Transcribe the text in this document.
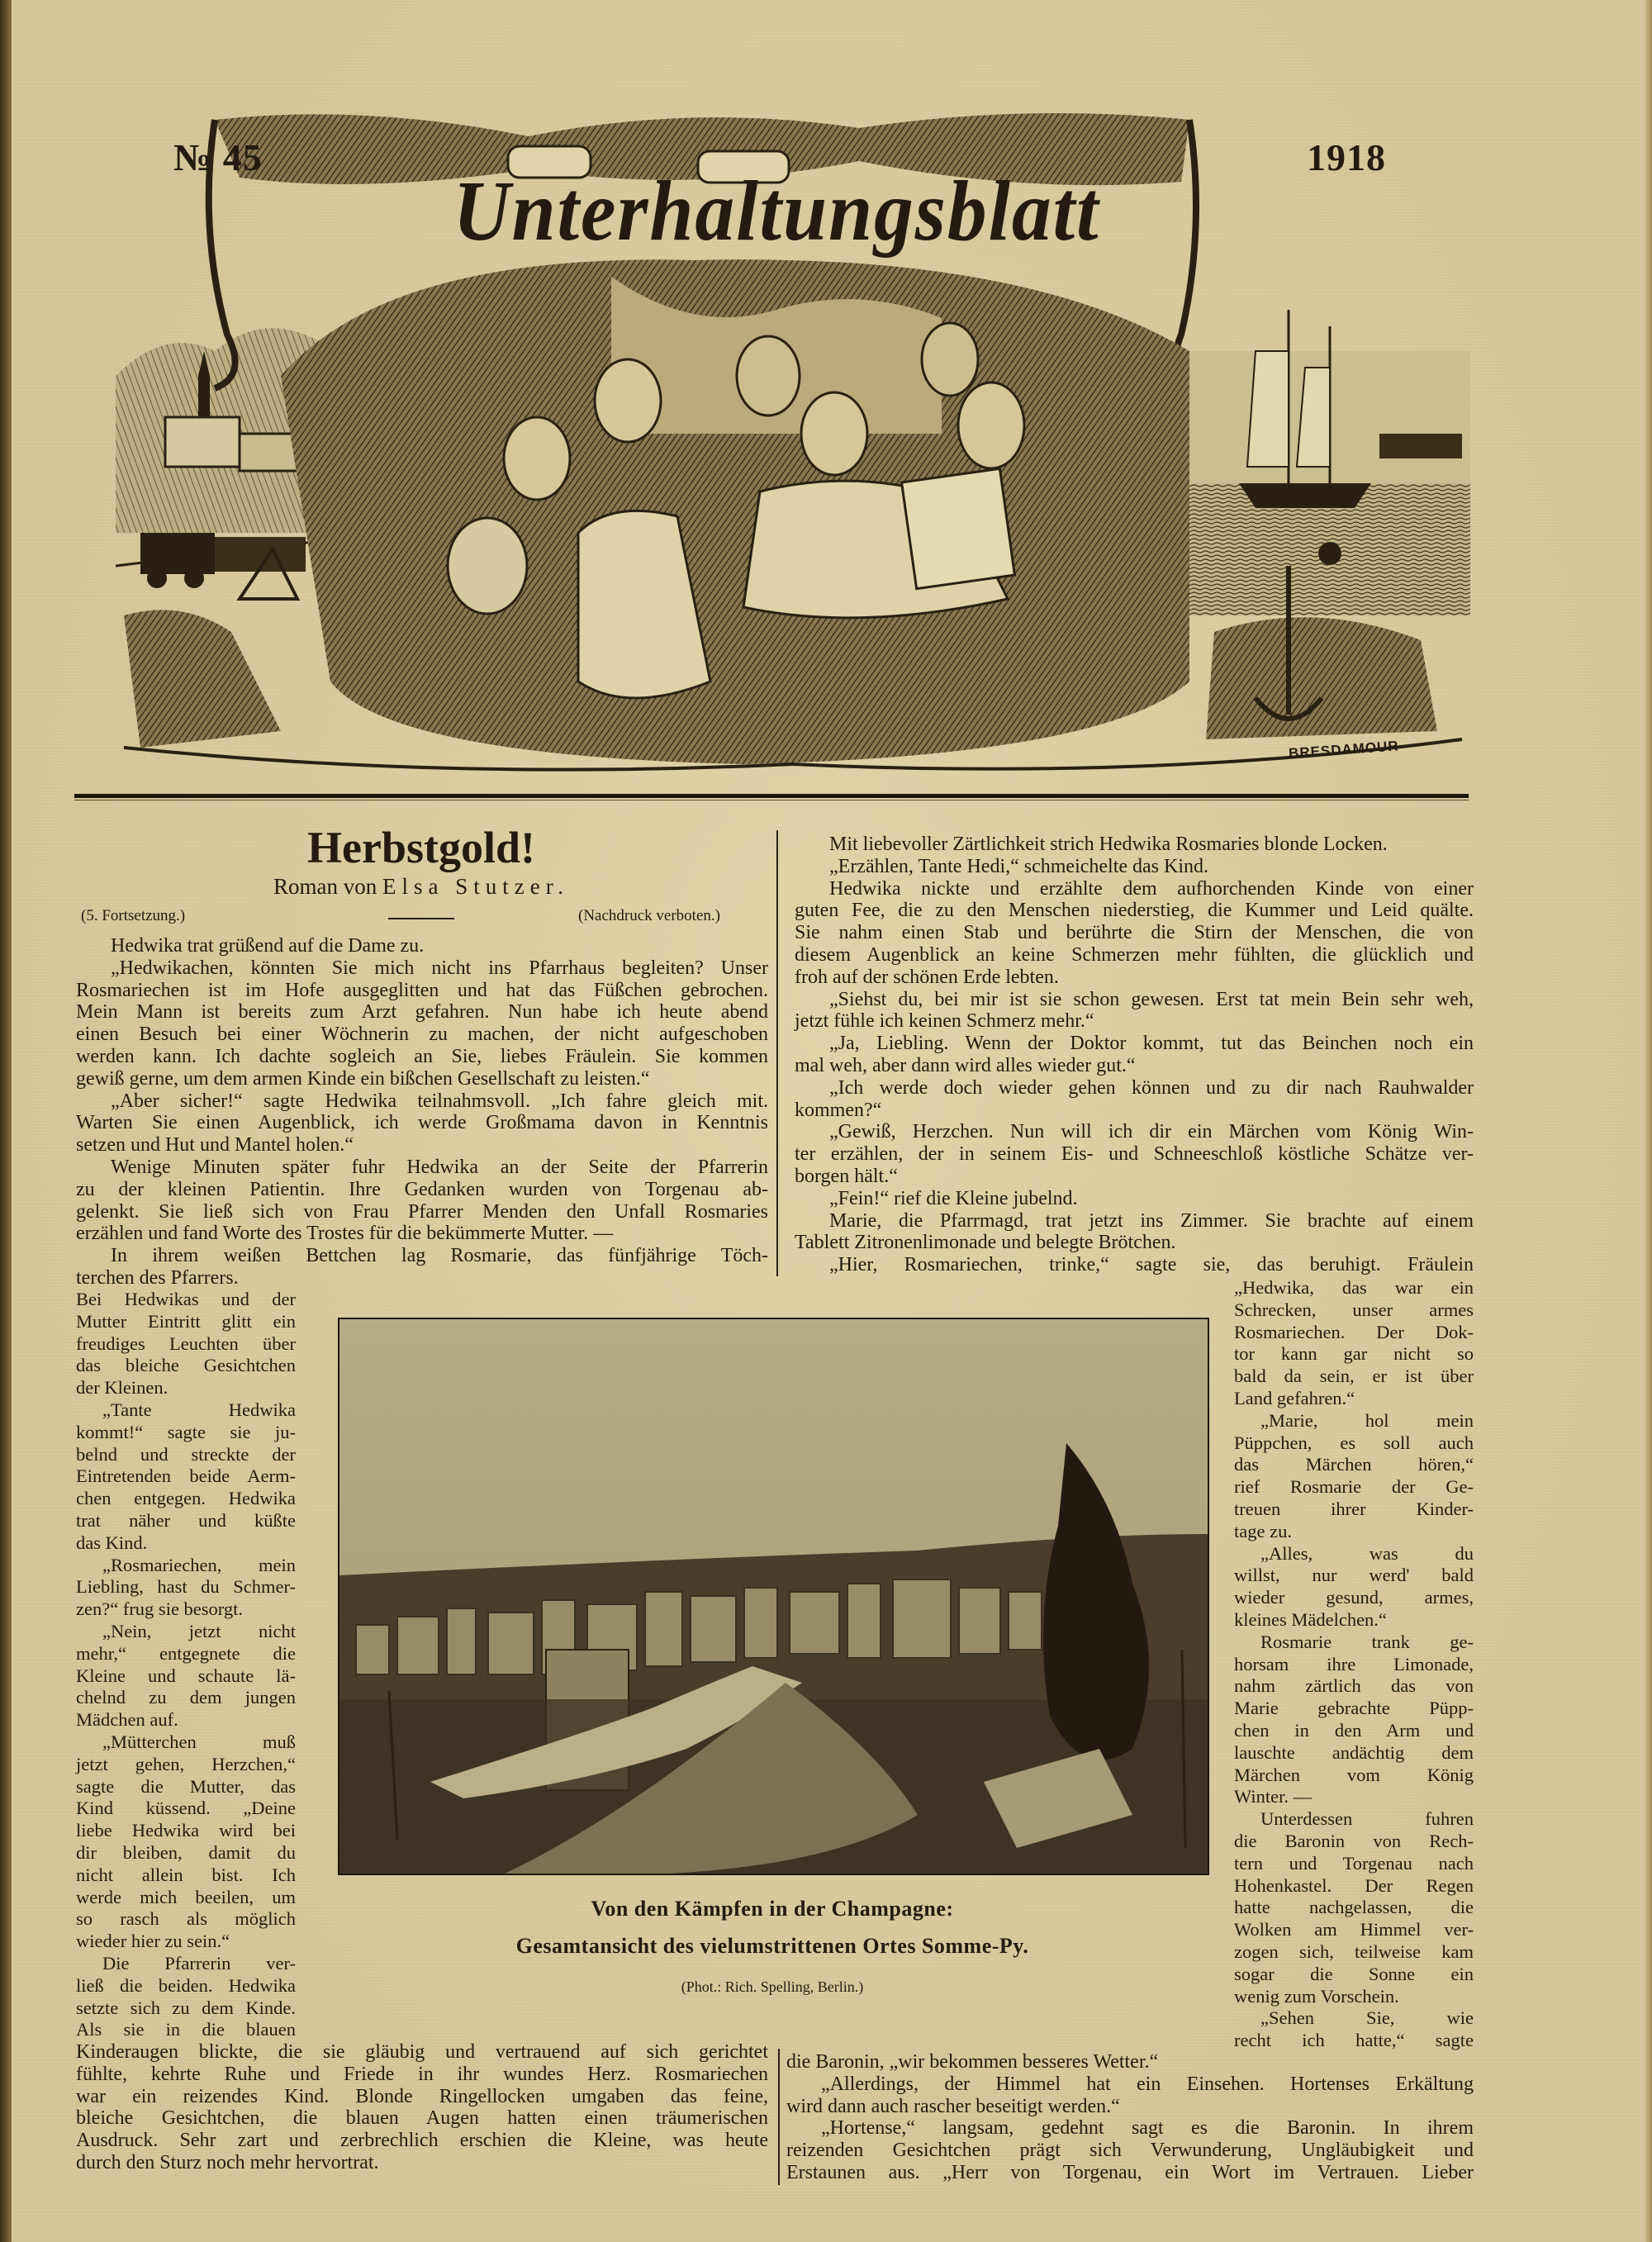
№ 45	1918
Unterhaltungsblatt
BRESDAMOUR
Herbstgold!
Roman von Elsa Stutzer.
(5. Fortsetzung.)	(Nachdruck verboten.)
Hedwika trat grüßend auf die Dame zu.
„Hedwikachen, könnten Sie mich nicht ins Pfarrhaus begleiten? Unser
Rosmariechen ist im Hofe ausgeglitten und hat das Füßchen gebrochen.
Mein Mann ist bereits zum Arzt gefahren. Nun habe ich heute abend
einen Besuch bei einer Wöchnerin zu machen, der nicht aufgeschoben
werden kann. Ich dachte sogleich an Sie, liebes Fräulein. Sie kommen
gewiß gerne, um dem armen Kinde ein bißchen Gesellschaft zu leisten.“
„Aber sicher!“ sagte Hedwika teilnahmsvoll. „Ich fahre gleich mit.
Warten Sie einen Augenblick, ich werde Großmama davon in Kenntnis
setzen und Hut und Mantel holen.“
Wenige Minuten später fuhr Hedwika an der Seite der Pfarrerin
zu der kleinen Patientin. Ihre Gedanken wurden von Torgenau ab-
gelenkt. Sie ließ sich von Frau Pfarrer Menden den Unfall Rosmaries
erzählen und fand Worte des Trostes für die bekümmerte Mutter. —
In ihrem weißen Bettchen lag Rosmarie, das fünfjährige Töch-
terchen des Pfarrers.
Bei Hedwikas und der
Mutter Eintritt glitt ein
freudiges Leuchten über
das bleiche Gesichtchen
der Kleinen.
„Tante Hedwika
kommt!“ sagte sie ju-
belnd und streckte der
Eintretenden beide Aerm-
chen entgegen. Hedwika
trat näher und küßte
das Kind.
„Rosmariechen, mein
Liebling, hast du Schmer-
zen?“ frug sie besorgt.
„Nein, jetzt nicht
mehr,“ entgegnete die
Kleine und schaute lä-
chelnd zu dem jungen
Mädchen auf.
„Mütterchen muß
jetzt gehen, Herzchen,“
sagte die Mutter, das
Kind küssend. „Deine
liebe Hedwika wird bei
dir bleiben, damit du
nicht allein bist. Ich
werde mich beeilen, um
so rasch als möglich
wieder hier zu sein.“
Die Pfarrerin ver-
ließ die beiden. Hedwika
setzte sich zu dem Kinde.
Als sie in die blauen
Kinderaugen blickte, die sie gläubig und vertrauend auf sich gerichtet
fühlte, kehrte Ruhe und Friede in ihr wundes Herz. Rosmariechen
war ein reizendes Kind. Blonde Ringellocken umgaben das feine,
bleiche Gesichtchen, die blauen Augen hatten einen träumerischen
Ausdruck. Sehr zart und zerbrechlich erschien die Kleine, was heute
durch den Sturz noch mehr hervortrat.
Mit liebevoller Zärtlichkeit strich Hedwika Rosmaries blonde Locken.
„Erzählen, Tante Hedi,“ schmeichelte das Kind.
Hedwika nickte und erzählte dem aufhorchenden Kinde von einer
guten Fee, die zu den Menschen niederstieg, die Kummer und Leid quälte.
Sie nahm einen Stab und berührte die Stirn der Menschen, die von
diesem Augenblick an keine Schmerzen mehr fühlten, die glücklich und
froh auf der schönen Erde lebten.
„Siehst du, bei mir ist sie schon gewesen. Erst tat mein Bein sehr weh,
jetzt fühle ich keinen Schmerz mehr.“
„Ja, Liebling. Wenn der Doktor kommt, tut das Beinchen noch ein
mal weh, aber dann wird alles wieder gut.“
„Ich werde doch wieder gehen können und zu dir nach Rauhwalder
kommen?“
„Gewiß, Herzchen. Nun will ich dir ein Märchen vom König Win-
ter erzählen, der in seinem Eis- und Schneeschloß köstliche Schätze ver-
borgen hält.“
„Fein!“ rief die Kleine jubelnd.
Marie, die Pfarrmagd, trat jetzt ins Zimmer. Sie brachte auf einem
Tablett Zitronenlimonade und belegte Brötchen.
„Hier, Rosmariechen, trinke,“ sagte sie, das beruhigt. Fräulein
„Hedwika, das war ein
Schrecken, unser armes
Rosmariechen. Der Dok-
tor kann gar nicht so
bald da sein, er ist über
Land gefahren.“
„Marie, hol mein
Püppchen, es soll auch
das Märchen hören,“
rief Rosmarie der Ge-
treuen ihrer Kinder-
tage zu.
„Alles, was du
willst, nur werd' bald
wieder gesund, armes,
kleines Mädelchen.“
Rosmarie trank ge-
horsam ihre Limonade,
nahm zärtlich das von
Marie gebrachte Püpp-
chen in den Arm und
lauschte andächtig dem
Märchen vom König
Winter. —
Unterdessen fuhren
die Baronin von Rech-
tern und Torgenau nach
Hohenkastel. Der Regen
hatte nachgelassen, die
Wolken am Himmel ver-
zogen sich, teilweise kam
sogar die Sonne ein
wenig zum Vorschein.
„Sehen Sie, wie
recht ich hatte,“ sagte
die Baronin, „wir bekommen besseres Wetter.“
„Allerdings, der Himmel hat ein Einsehen. Hortenses Erkältung
wird dann auch rascher beseitigt werden.“
„Hortense,“ langsam, gedehnt sagt es die Baronin. In ihrem
reizenden Gesichtchen prägt sich Verwunderung, Ungläubigkeit und
Erstaunen aus. „Herr von Torgenau, ein Wort im Vertrauen. Lieber
Von den Kämpfen in der Champagne:
Gesamtansicht des vielumstrittenen Ortes Somme-Py.
(Phot.: Rich. Spelling, Berlin.)
